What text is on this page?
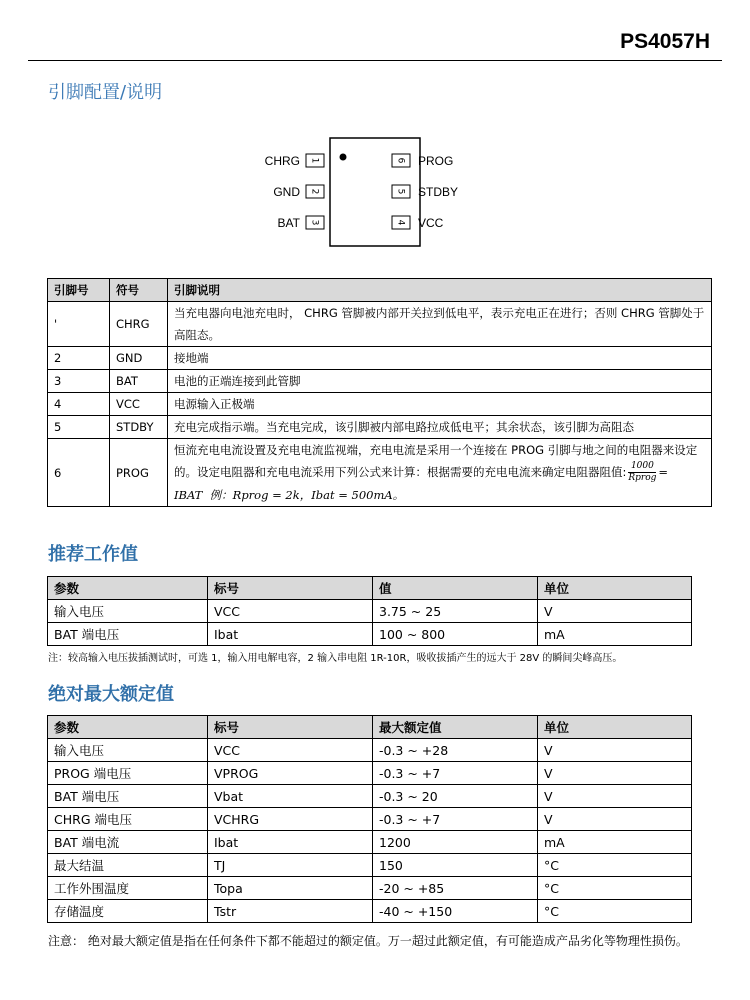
PS4057H
引脚配置/说明
1
2
3
CHRG
GND
BAT
6
5
4
PROG
STDBY
VCC
引脚号	符号	引脚说明
'	CHRG	当充电器向电池充电时， CHRG 管脚被内部开关拉到低电平，表示充电正在进行；否则 CHRG 管脚处于高阻态。
2	GND	接地端
3	BAT	电池的正端连接到此管脚
4	VCC	电源输入正极端
5	STDBY	充电完成指示端。当充电完成，该引脚被内部电路拉成低电平；其余状态，该引脚为高阻态
6	PROG	恒流充电电流设置及充电电流监视端，充电电流是采用一个连接在 PROG 引脚与地之间的电阻器来设定的。设定电阻器和充电电流采用下列公式来计算：根据需要的充电电流来确定电阻器阻值: $\frac{1000}{\text{Rprog}}$ = IBAT 例：Rprog = 2k，Ibat = 500mA。
推荐工作值
参数	标号	值	单位
输入电压	VCC	3.75 ~ 25	V
BAT 端电压	Ibat	100 ~ 800	mA
注：较高输入电压拔插测试时，可选 1，输入用电解电容，2 输入串电阻 1R-10R，吸收拔插产生的远大于 28V 的瞬间尖峰高压。
绝对最大额定值
参数	标号	最大额定值	单位
输入电压	VCC	-0.3 ~ +28	V
PROG 端电压	VPROG	-0.3 ~ +7	V
BAT 端电压	Vbat	-0.3 ~ 20	V
CHRG 端电压	VCHRG	-0.3 ~ +7	V
BAT 端电流	Ibat	1200	mA
最大结温	TJ	150	°C
工作外围温度	Topa	-20 ~ +85	°C
存储温度	Tstr	-40 ~ +150	°C
注意： 绝对最大额定值是指在任何条件下都不能超过的额定值。万一超过此额定值，有可能造成产品劣化等物理性损伤。
